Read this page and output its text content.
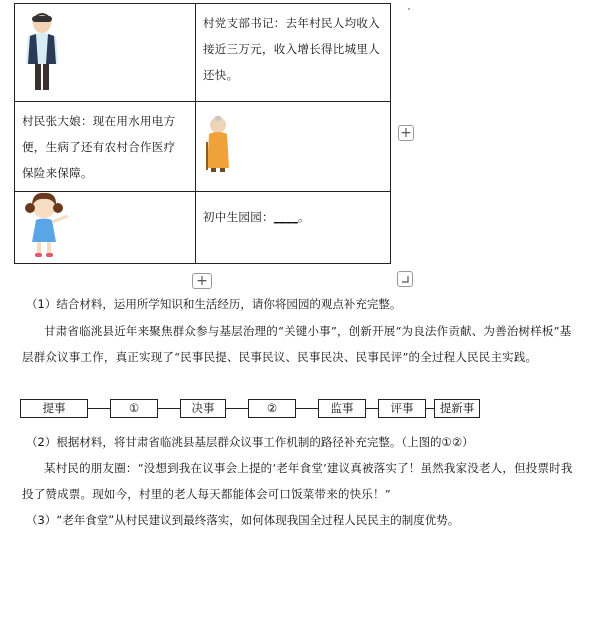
村党支部书记：去年村民人均收入接近三万元，收入增长得比城里人还快。

村民张大娘：现在用水用电方便，生病了还有农村合作医疗保险来保障。

初中生园园：____。
+
+
（1）结合材料，运用所学知识和生活经历，请你将园园的观点补充完整。
甘肃省临洮县近年来聚焦群众参与基层治理的“关键小事”，创新开展“为良法作贡献、为善治树样板”基层群众议事工作，真正实现了“民事民提、民事民议、民事民决、民事民评”的全过程人民民主实践。
提事	①	决事	②	监事	评事	提新事
（2）根据材料，将甘肃省临洮县基层群众议事工作机制的路径补充完整。（上图的①②）
某村民的朋友圈：“没想到我在议事会上提的‘老年食堂’建议真被落实了！虽然我家没老人，但投票时我投了赞成票。现如今，村里的老人每天都能体会可口饭菜带来的快乐！”
（3）“老年食堂”从村民建议到最终落实，如何体现我国全过程人民民主的制度优势。
